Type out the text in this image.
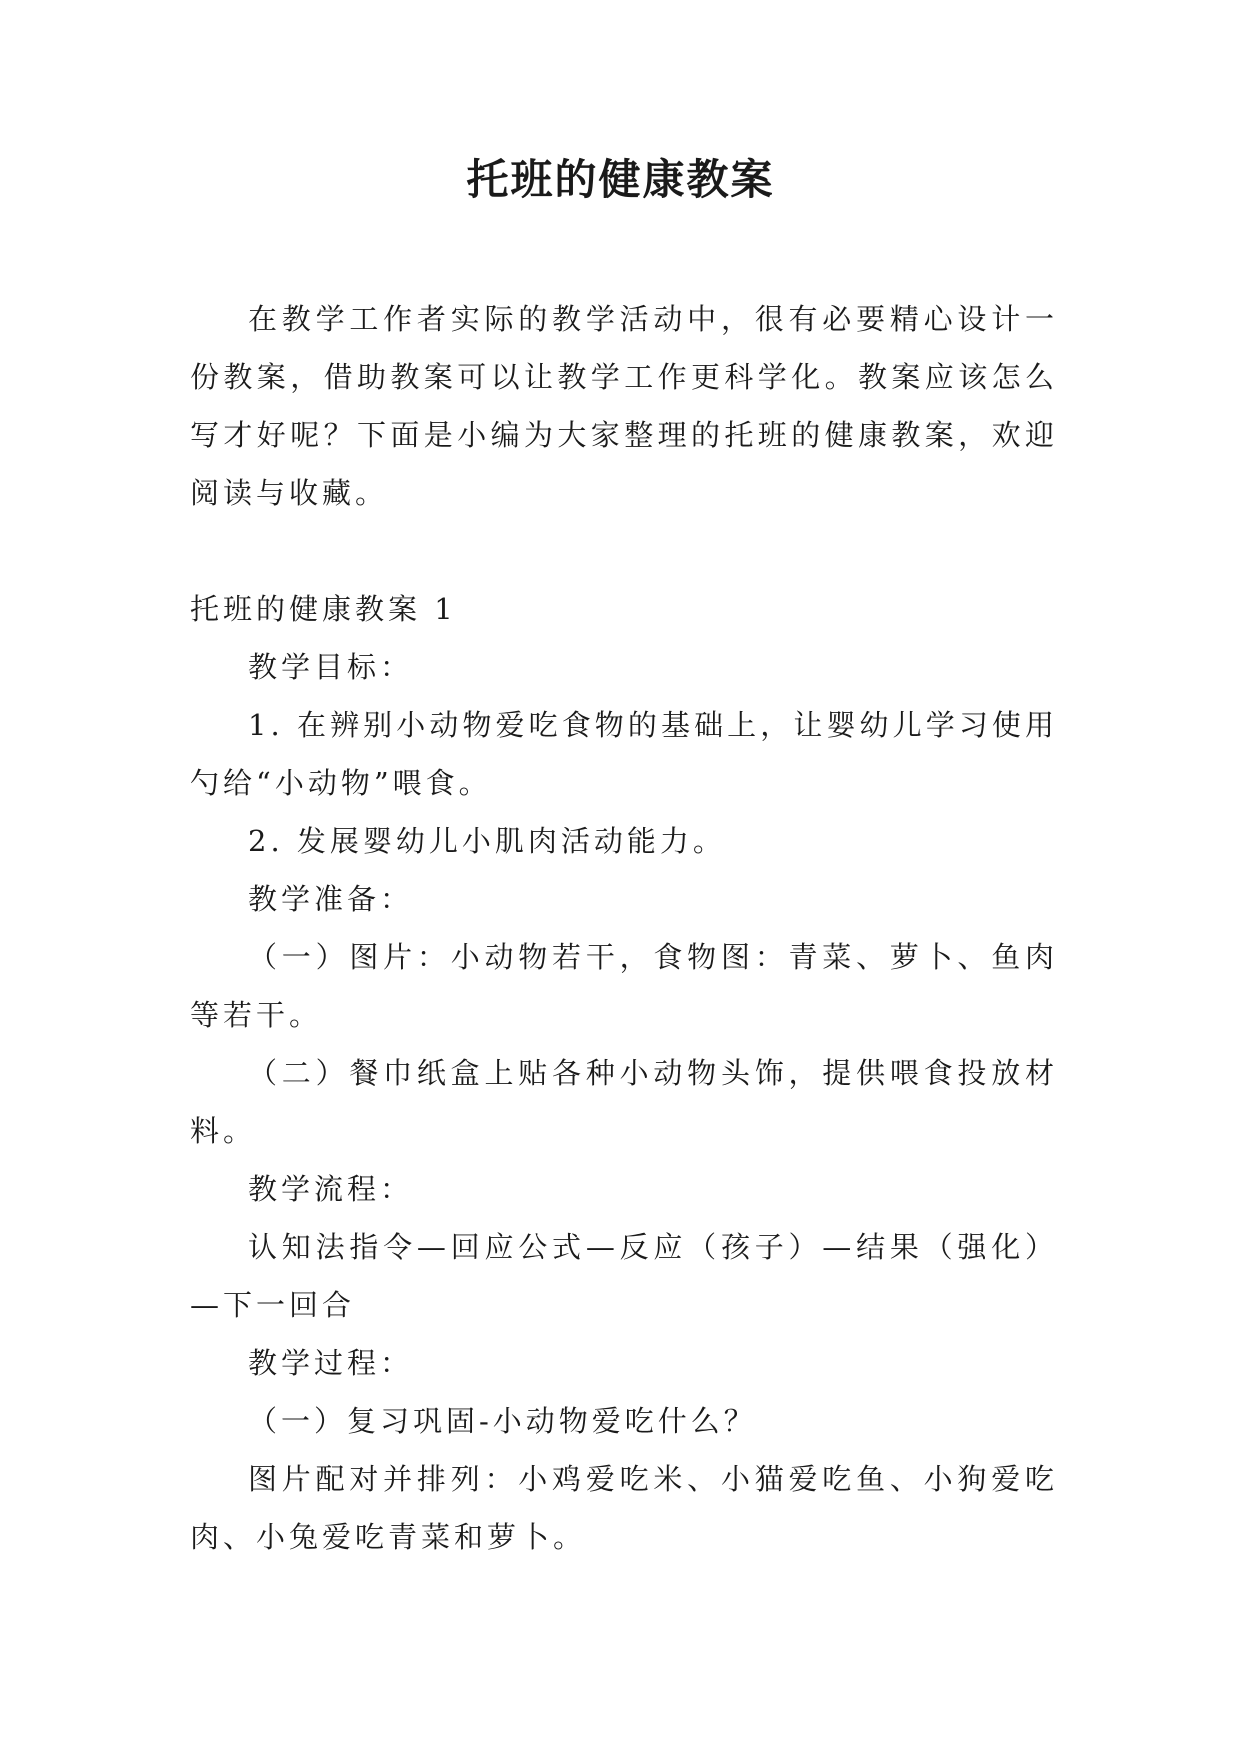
托班的健康教案

在教学工作者实际的教学活动中，很有必要精心设计一份教案，借助教案可以让教学工作更科学化。教案应该怎么写才好呢？下面是小编为大家整理的托班的健康教案，欢迎阅读与收藏。

托班的健康教案 1

教学目标：

1. 在辨别小动物爱吃食物的基础上，让婴幼儿学习使用勺给“小动物”喂食。

2. 发展婴幼儿小肌肉活动能力。

教学准备：

（一）图片：小动物若干，食物图：青菜、萝卜、鱼肉等若干。

（二）餐巾纸盒上贴各种小动物头饰，提供喂食投放材料。

教学流程：

认知法指令—回应公式—反应（孩子）—结果（强化）—下一回合

教学过程：

（一）复习巩固-小动物爱吃什么？

图片配对并排列：小鸡爱吃米、小猫爱吃鱼、小狗爱吃肉、小兔爱吃青菜和萝卜。
